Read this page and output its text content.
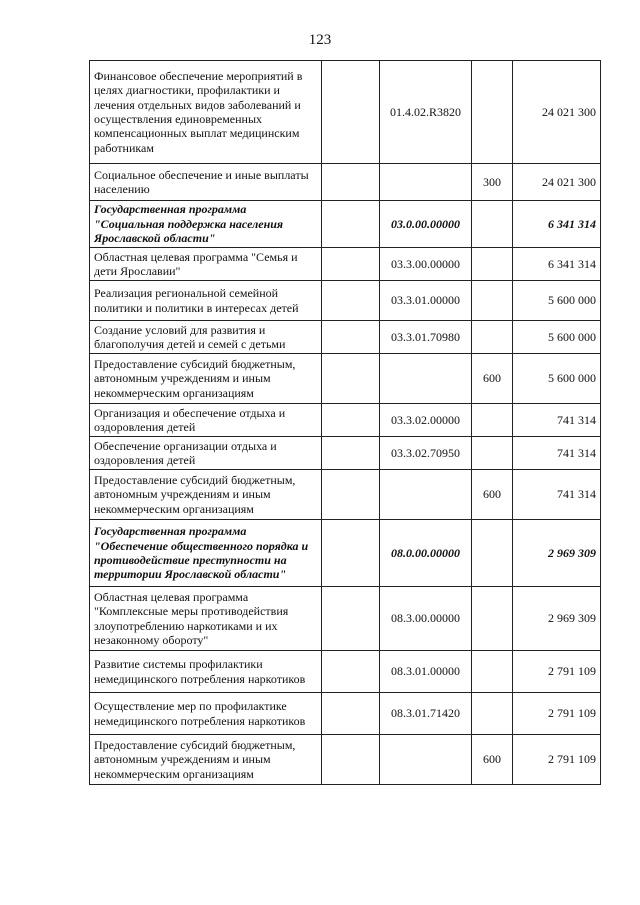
123
Финансовое обеспечение мероприятий в целях диагностики, профилактики и лечения отдельных видов заболеваний и осуществления единовременных компенсационных выплат медицинским работникам		01.4.02.R3820		24 021 300
Социальное обеспечение и иные выплаты населению			300	24 021 300
Государственная программа "Социальная поддержка населения Ярославской области"		03.0.00.00000		6 341 314
Областная целевая программа "Семья и дети Ярославии"		03.3.00.00000		6 341 314
Реализация региональной семейной политики и политики в интересах детей		03.3.01.00000		5 600 000
Создание условий для развития и благополучия детей и семей с детьми		03.3.01.70980		5 600 000
Предоставление субсидий бюджетным, автономным учреждениям и иным некоммерческим организациям			600	5 600 000
Организация и обеспечение отдыха и оздоровления детей		03.3.02.00000		741 314
Обеспечение организации отдыха и оздоровления детей		03.3.02.70950		741 314
Предоставление субсидий бюджетным, автономным учреждениям и иным некоммерческим организациям			600	741 314
Государственная программа "Обеспечение общественного порядка и противодействие преступности на территории Ярославской области"		08.0.00.00000		2 969 309
Областная целевая программа "Комплексные меры противодействия злоупотреблению наркотиками и их незаконному обороту"		08.3.00.00000		2 969 309
Развитие системы профилактики немедицинского потребления наркотиков		08.3.01.00000		2 791 109
Осуществление мер по профилактике немедицинского потребления наркотиков		08.3.01.71420		2 791 109
Предоставление субсидий бюджетным, автономным учреждениям и иным некоммерческим организациям			600	2 791 109
